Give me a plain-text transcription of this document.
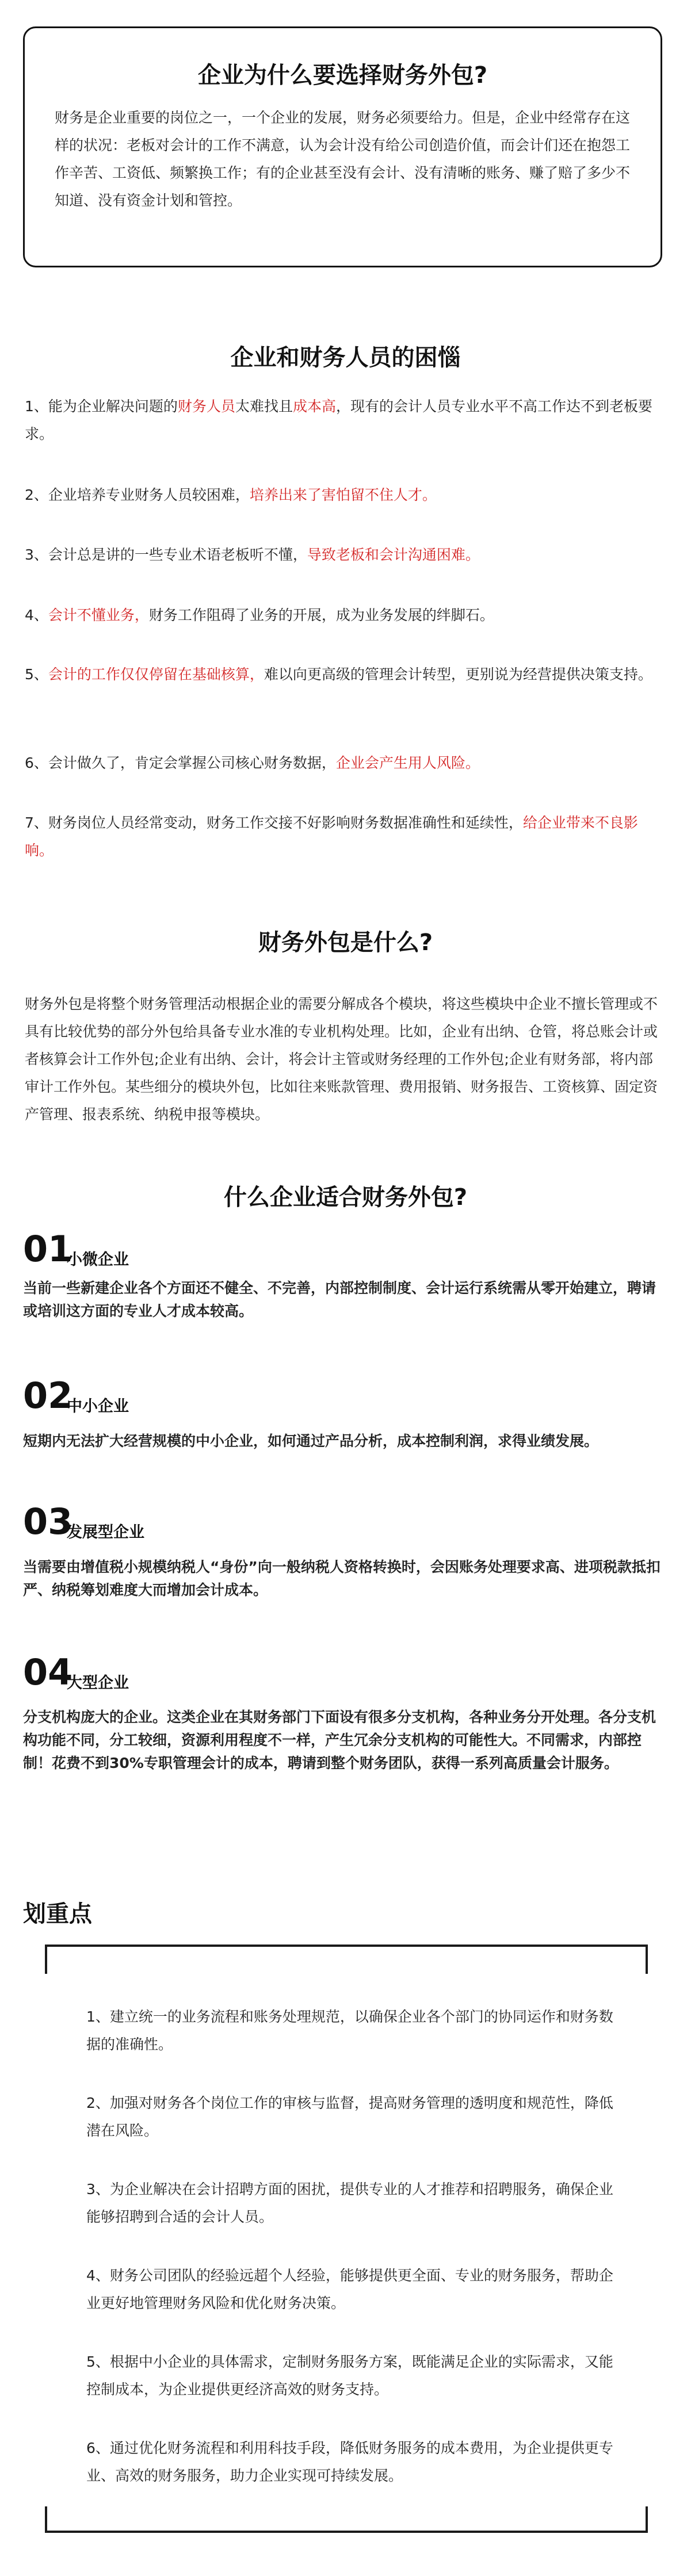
企业为什么要选择财务外包?
财务是企业重要的岗位之一，一个企业的发展，财务必须要给力。但是，企业中经常存在这样的状况：老板对会计的工作不满意，认为会计没有给公司创造价值，而会计们还在抱怨工作辛苦、工资低、频繁换工作；有的企业甚至没有会计、没有清晰的账务、赚了赔了多少不知道、没有资金计划和管控。
企业和财务人员的困惱
1、能为企业解决问题的财务人员太难找且成本高，现有的会计人员专业水平不高工作达不到老板要求。
2、企业培养专业财务人员较困难，培养出来了害怕留不住人才。
3、会计总是讲的一些专业术语老板听不懂，导致老板和会计沟通困难。
4、会计不懂业务，财务工作阻碍了业务的开展，成为业务发展的绊脚石。
5、会计的工作仅仅停留在基础核算，难以向更高级的管理会计转型，更别说为经营提供决策支持。
6、会计做久了，肯定会掌握公司核心财务数据，企业会产生用人风险。
7、财务岗位人员经常变动，财务工作交接不好影响财务数据准确性和延续性，给企业带来不良影响。
财务外包是什么?
财务外包是将整个财务管理活动根据企业的需要分解成各个模块，将这些模块中企业不擅长管理或不具有比较优势的部分外包给具备专业水准的专业机构处理。比如，企业有出纳、仓管，将总账会计或者核算会计工作外包;企业有出纳、会计，将会计主管或财务经理的工作外包;企业有财务部，将内部审计工作外包。某些细分的模块外包，比如往来账款管理、费用报销、财务报告、工资核算、固定资产管理、报表系统、纳税申报等模块。
什么企业适合财务外包?
01
小微企业
当前一些新建企业各个方面还不健全、不完善，内部控制制度、会计运行系统需从零开始建立，聘请或培训这方面的专业人才成本较高。
02
中小企业
短期内无法扩大经营规模的中小企业，如何通过产品分析，成本控制利润，求得业绩发展。
03
发展型企业
当需要由增值税小规模纳税人“身份”向一般纳税人资格转换时，会因账务处理要求高、进项税款抵扣严、纳税筹划难度大而增加会计成本。
04
大型企业
分支机构庞大的企业。这类企业在其财务部门下面设有很多分支机构，各种业务分开处理。各分支机构功能不同，分工较细，资源利用程度不一样，产生冗余分支机构的可能性大。不同需求，内部控制！花费不到30%专职管理会计的成本，聘请到整个财务团队，获得一系列高质量会计服务。
划重点
1、建立统一的业务流程和账务处理规范，以确保企业各个部门的协同运作和财务数据的准确性。
2、加强对财务各个岗位工作的审核与监督，提高财务管理的透明度和规范性，降低潜在风险。
3、为企业解决在会计招聘方面的困扰，提供专业的人才推荐和招聘服务，确保企业能够招聘到合适的会计人员。
4、财务公司团队的经验远超个人经验，能够提供更全面、专业的财务服务，帮助企业更好地管理财务风险和优化财务决策。
5、根据中小企业的具体需求，定制财务服务方案，既能满足企业的实际需求，又能控制成本，为企业提供更经济高效的财务支持。
6、通过优化财务流程和利用科技手段，降低财务服务的成本费用，为企业提供更专业、高效的财务服务，助力企业实现可持续发展。
